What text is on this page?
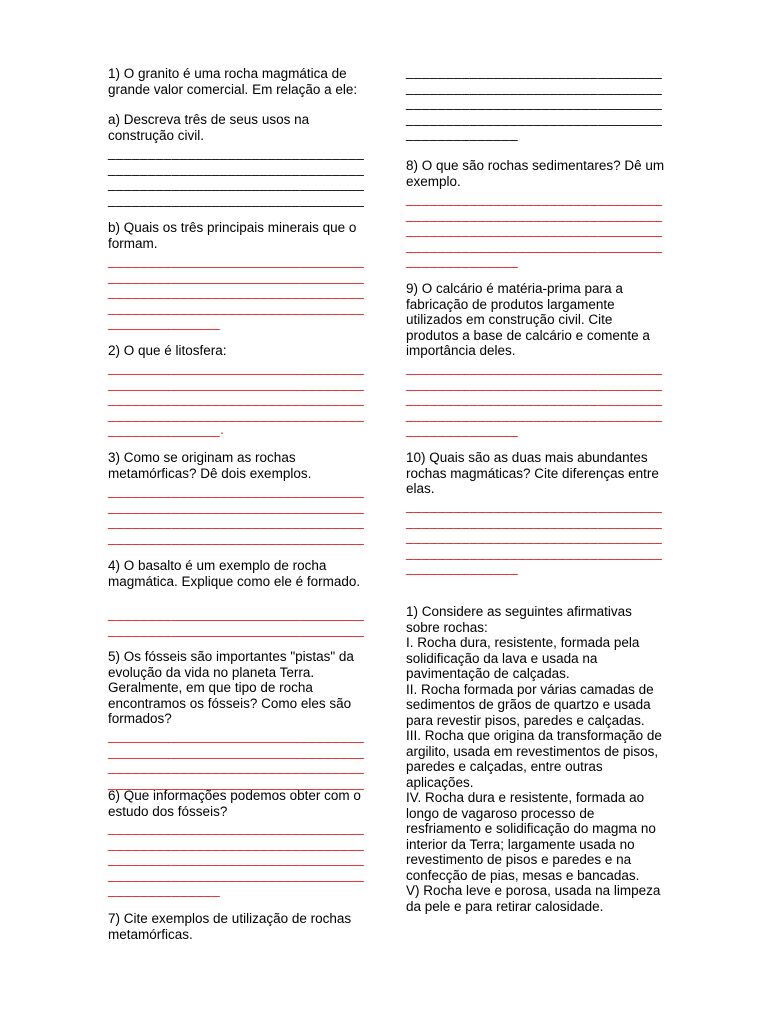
1) O granito é uma rocha magmática de grande valor comercial. Em relação a ele:

a) Descreva três de seus usos na construção civil.

________________________________
________________________________
________________________________
________________________________

b) Quais os três principais minerais que o formam.

________________________________
________________________________
________________________________
________________________________
______________

2) O que é litosfera:

________________________________
________________________________
________________________________
________________________________
______________.

3) Como se originam as rochas metamórficas? Dê dois exemplos.

________________________________
________________________________
________________________________
________________________________

4) O basalto é um exemplo de rocha magmática. Explique como ele é formado.

________________________________
________________________________

5) Os fósseis são importantes "pistas" da evolução da vida no planeta Terra. Geralmente, em que tipo de rocha encontramos os fósseis? Como eles são formados?

________________________________
________________________________
________________________________
________________________________

6) Que informações podemos obter com o estudo dos fósseis?

________________________________
________________________________
________________________________
________________________________
______________

7) Cite exemplos de utilização de rochas metamórficas.

________________________________
________________________________
________________________________
________________________________
______________

8) O que são rochas sedimentares? Dê um exemplo.

________________________________
________________________________
________________________________
________________________________
______________

9) O calcário é matéria-prima para a fabricação de produtos largamente utilizados em construção civil. Cite produtos a base de calcário e comente a importância deles.

________________________________
________________________________
________________________________
________________________________
______________

10) Quais são as duas mais abundantes rochas magmáticas? Cite diferenças entre elas.

________________________________
________________________________
________________________________
________________________________
______________
1) Considere as seguintes afirmativas sobre rochas:
I. Rocha dura, resistente, formada pela solidificação da lava e usada na pavimentação de calçadas.
II. Rocha formada por várias camadas de sedimentos de grãos de quartzo e usada para revestir pisos, paredes e calçadas.
III. Rocha que origina da transformação de argilito, usada em revestimentos de pisos, paredes e calçadas, entre outras aplicações.
IV. Rocha dura e resistente, formada ao longo de vagaroso processo de resfriamento e solidificação do magma no interior da Terra; largamente usada no revestimento de pisos e paredes e na confecção de pias, mesas e bancadas.
V) Rocha leve e porosa, usada na limpeza da pele e para retirar calosidade.
